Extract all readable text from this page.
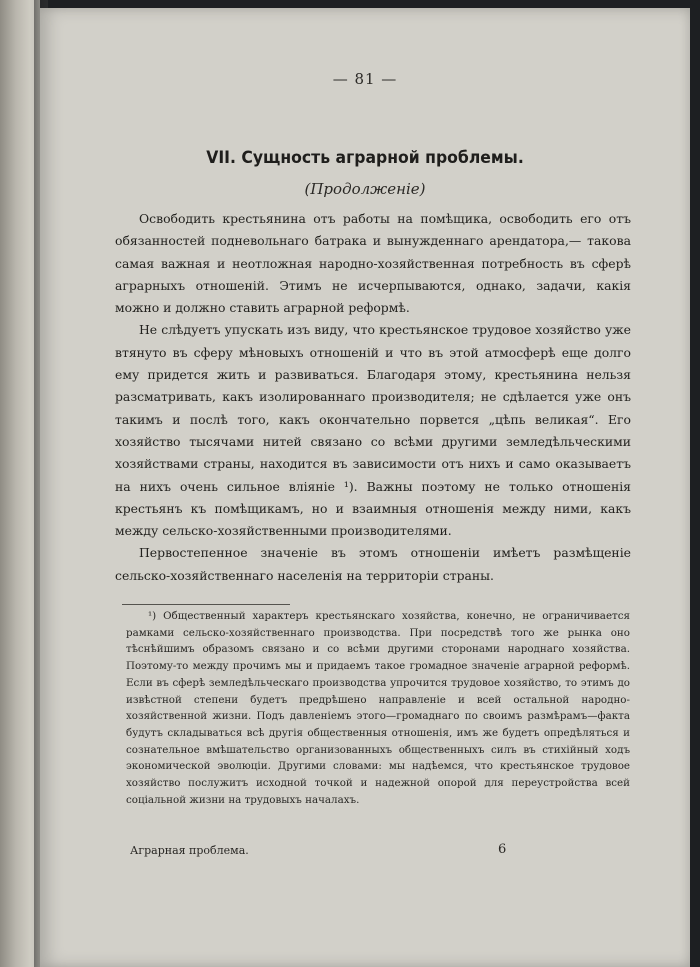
— 81 —
VII. Сущность аграрной проблемы.
(Продолженіе)

Освободить крестьянина отъ работы на помѣщика, освободить его отъ обязанностей подневольнаго батрака и вынужденнаго арендатора,— такова самая важная и неотложная народно-хозяйственная потребность въ сферѣ аграрныхъ отношеній. Этимъ не исчерпываются, однако, задачи, какія можно и должно ставить аграрной реформѣ.

Не слѣдуетъ упускать изъ виду, что крестьянское трудовое хозяйство уже втянуто въ сферу мѣновыхъ отношеній и что въ этой атмосферѣ еще долго ему придется жить и развиваться. Благодаря этому, крестьянина нельзя разсматривать, какъ изолированнаго производителя; не сдѣлается уже онъ такимъ и послѣ того, какъ окончательно порвется „цѣпь великая“. Его хозяйство тысячами нитей связано со всѣми другими земледѣльческими хозяйствами страны, находится въ зависимости отъ нихъ и само оказываетъ на нихъ очень сильное вліяніе ¹). Важны поэтому не только отношенія крестьянъ къ помѣщикамъ, но и взаимныя отношенія между ними, какъ между сельско-хозяйственными производителями.

Первостепенное значеніе въ этомъ отношеніи имѣетъ размѣщеніе сельско-хозяйственнаго населенія на территоріи страны.

¹) Общественный характеръ крестьянскаго хозяйства, конечно, не ограничивается рамками сельско-хозяйственнаго производства. При посредствѣ того же рынка оно тѣснѣйшимъ образомъ связано и со всѣми другими сторонами народнаго хозяйства. Поэтому-то между прочимъ мы и придаемъ такое громадное значеніе аграрной реформѣ. Если въ сферѣ земледѣльческаго производства упрочится трудовое хозяйство, то этимъ до извѣстной степени будетъ предрѣшено направленіе и всей остальной народно-хозяйственной жизни. Подъ давленіемъ этого—громаднаго по своимъ размѣрамъ—факта будутъ складываться всѣ другія общественныя отношенія, имъ же будетъ опредѣляться и сознательное вмѣшательство организованныхъ общественныхъ силъ въ стихійный ходъ экономической эволюціи. Другими словами: мы надѣемся, что крестьянское трудовое хозяйство послужитъ исходной точкой и надежной опорой для переустройства всей соціальной жизни на трудовыхъ началахъ.

Аграрная проблема.	6
